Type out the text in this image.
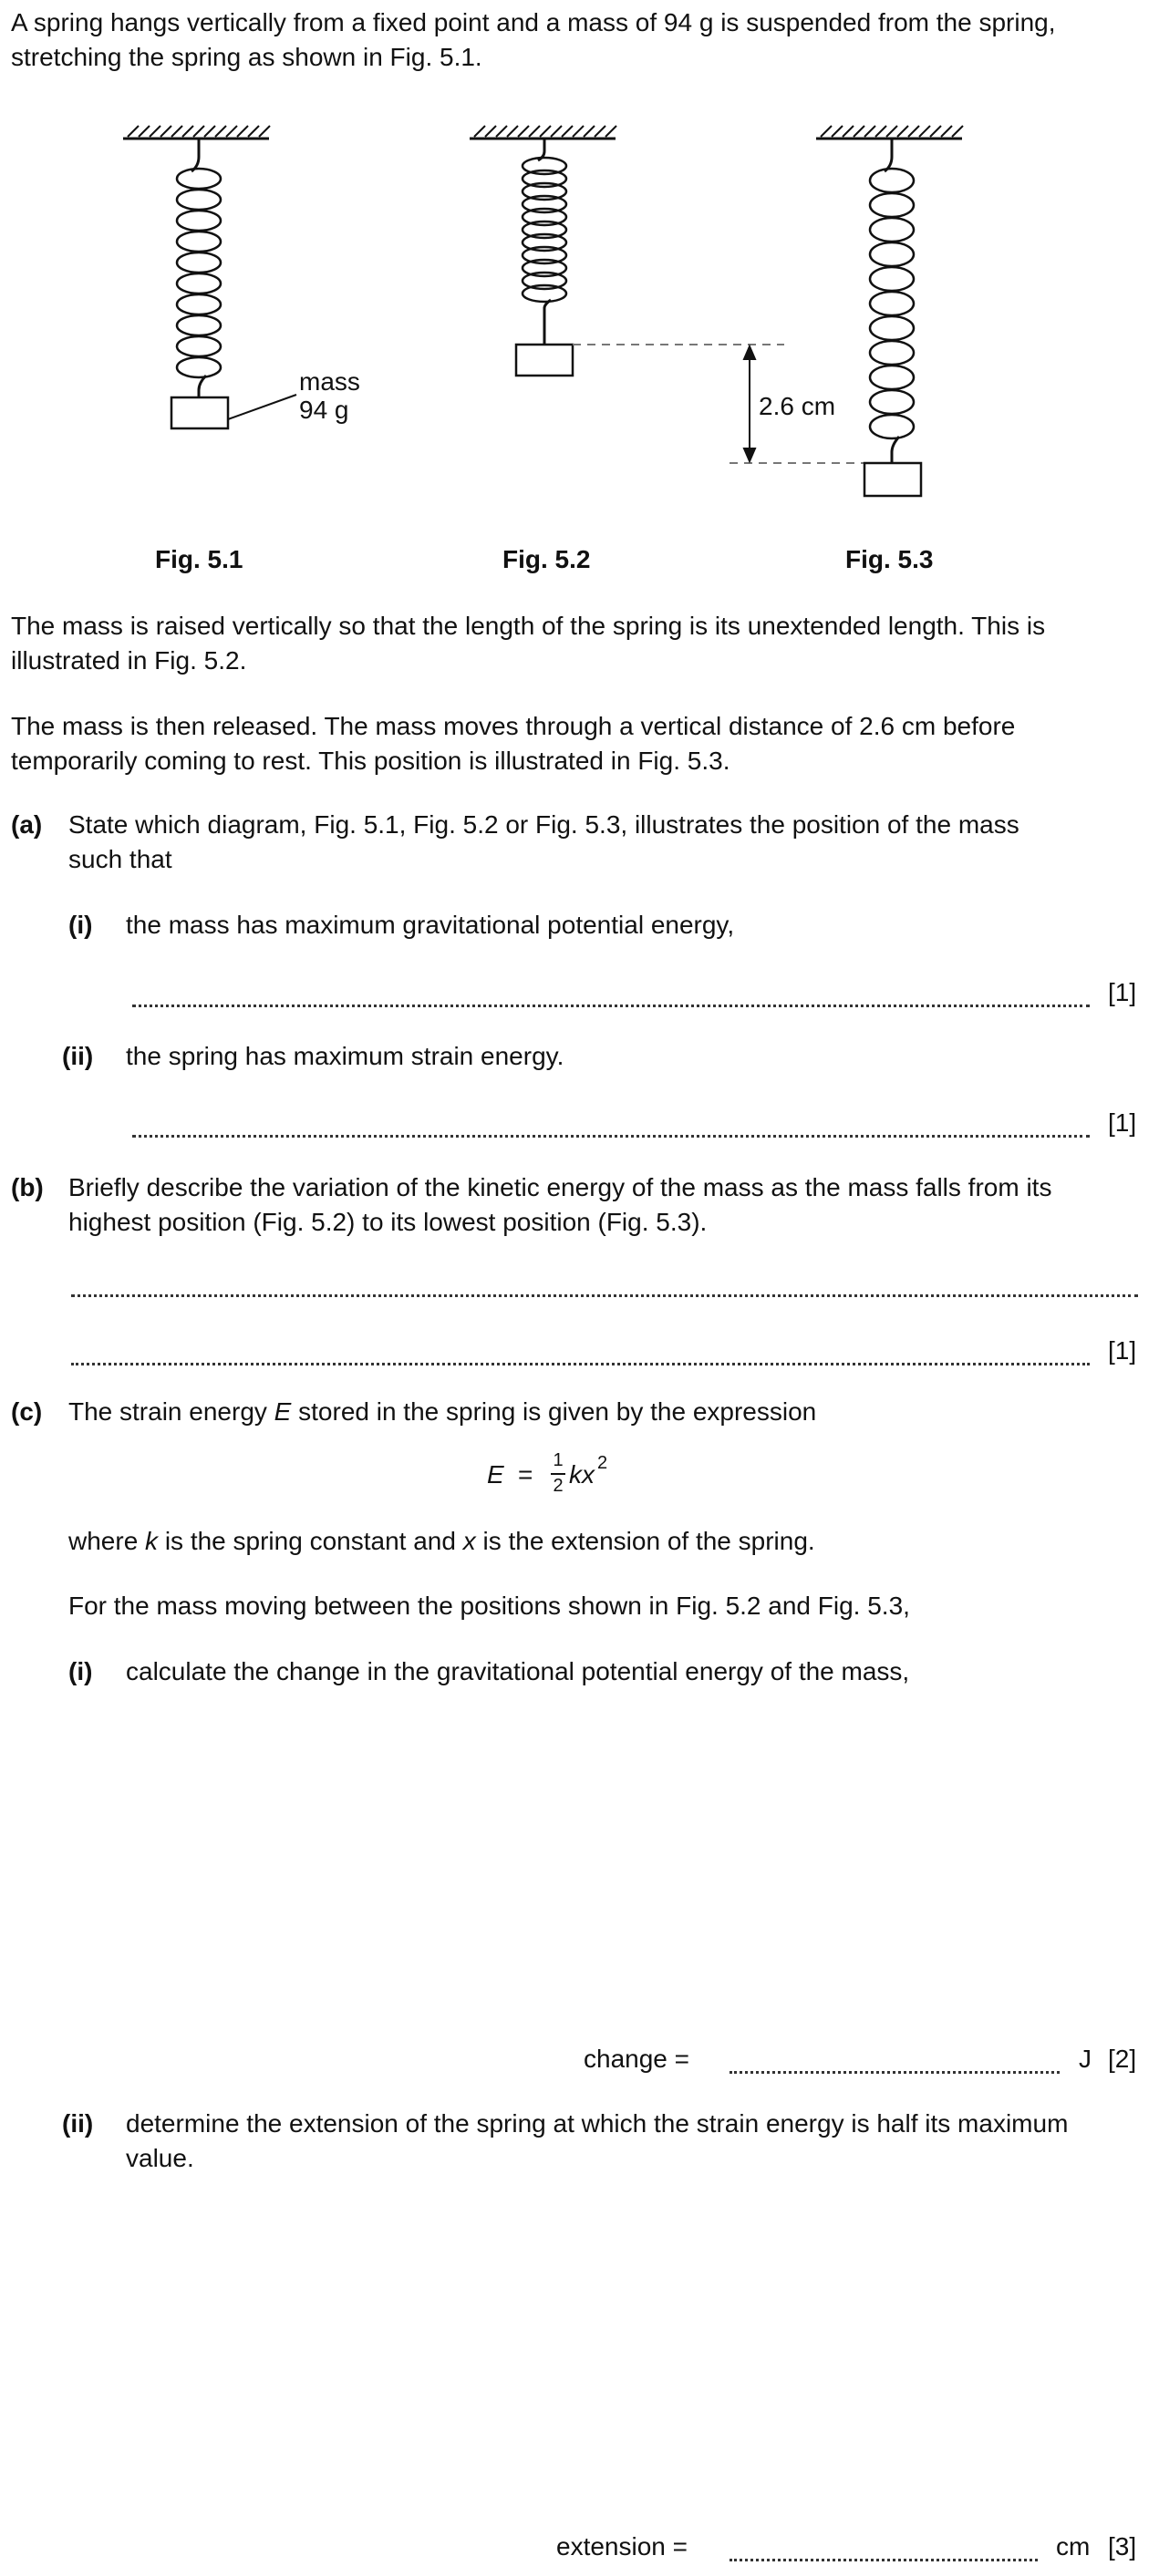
A spring hangs vertically from a fixed point and a mass of 94 g is suspended from the spring,

stretching the spring as shown in Fig. 5.1.

mass
94 g	2.6 cm
Fig. 5.1	Fig. 5.2	Fig. 5.3

The mass is raised vertically so that the length of the spring is its unextended length. This is

illustrated in Fig. 5.2.

The mass is then released. The mass moves through a vertical distance of 2.6 cm before

temporarily coming to rest. This position is illustrated in Fig. 5.3.

(a) State which diagram, Fig. 5.1, Fig. 5.2 or Fig. 5.3, illustrates the position of the mass

such that

(i) the mass has maximum gravitational potential energy,

[1]

(ii) the spring has maximum strain energy.

[1]

(b) Briefly describe the variation of the kinetic energy of the mass as the mass falls from its

highest position (Fig. 5.2) to its lowest position (Fig. 5.3).

[1]

(c) The strain energy E stored in the spring is given by the expression

E = 1
2 kx 2

where k is the spring constant and x is the extension of the spring.

For the mass moving between the positions shown in Fig. 5.2 and Fig. 5.3,

(i) calculate the change in the gravitational potential energy of the mass,

change =	J [2]

(ii) determine the extension of the spring at which the strain energy is half its maximum

value.

extension =	cm [3]
